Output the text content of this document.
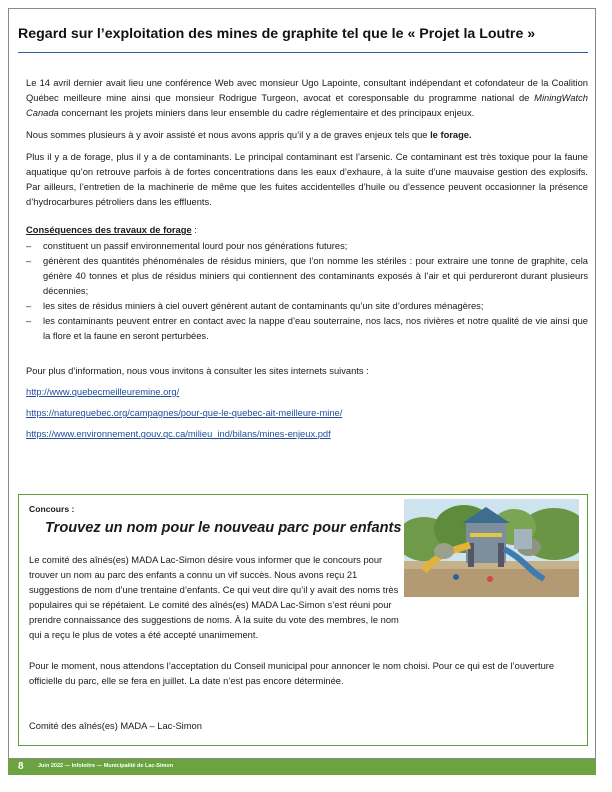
Regard sur l’exploitation des mines de graphite tel que le « Projet la Loutre »

Le 14 avril dernier avait lieu une conférence Web avec monsieur Ugo Lapointe, consultant indépendant et cofondateur de la Coalition Québec meilleure mine ainsi que monsieur Rodrigue Turgeon, avocat et coresponsable du programme national de MiningWatch Canada concernant les projets miniers dans leur ensemble du cadre réglementaire et des principaux enjeux.

Nous sommes plusieurs à y avoir assisté et nous avons appris qu’il y a de graves enjeux tels que le forage.

Plus il y a de forage, plus il y a de contaminants. Le principal contaminant est l’arsenic. Ce contaminant est très toxique pour la faune aquatique qu’on retrouve parfois à de fortes concentrations dans les eaux d’exhaure, à la suite d’une mauvaise gestion des explosifs. Par ailleurs, l’entretien de la machinerie de même que les fuites accidentelles d’huile ou d’essence peuvent occasionner la présence d’hydrocarbures pétroliers dans les effluents.

Conséquences des travaux de forage :

– constituent un passif environnemental lourd pour nos générations futures;
– génèrent des quantités phénoménales de résidus miniers, que l’on nomme les stériles : pour extraire une tonne de graphite, cela génère 40 tonnes et plus de résidus miniers qui contiennent des contaminants exposés à l’air et qui perdureront durant plusieurs décennies;
– les sites de résidus miniers à ciel ouvert génèrent autant de contaminants qu’un site d’ordures ménagères;
– les contaminants peuvent entrer en contact avec la nappe d’eau souterraine, nos lacs, nos rivières et notre qualité de vie ainsi que la flore et la faune en seront perturbées.

Pour plus d’information, nous vous invitons à consulter les sites internets suivants :

http://www.quebecmeilleuremine.org/
https://naturequebec.org/campagnes/pour-que-le-quebec-ait-meilleure-mine/
https://www.environnement.gouv.qc.ca/milieu_ind/bilans/mines-enjeux.pdf
Concours :
Trouvez un nom pour le nouveau parc pour enfants
Le comité des aînés(es) MADA Lac-Simon désire vous informer que le concours pour trouver un nom au parc des enfants a connu un vif succès. Nous avons reçu 21 suggestions de nom d’une trentaine d’enfants. Ce qui veut dire qu’il y avait des noms très populaires qui se répétaient. Le comité des aînés(es) MADA Lac-Simon s’est réuni pour prendre connaissance des suggestions de noms. À la suite du vote des membres, le nom qui a reçu le plus de votes a été accepté unanimement.
Pour le moment, nous attendons l’acceptation du Conseil municipal pour annoncer le nom choisi. Pour ce qui est de l’ouverture officielle du parc, elle se fera en juillet. La date n’est pas encore déterminée.
Comité des aînés(es) MADA – Lac-Simon
8	Juin 2022 — Infolettre — Municipalité de Lac-Simon
